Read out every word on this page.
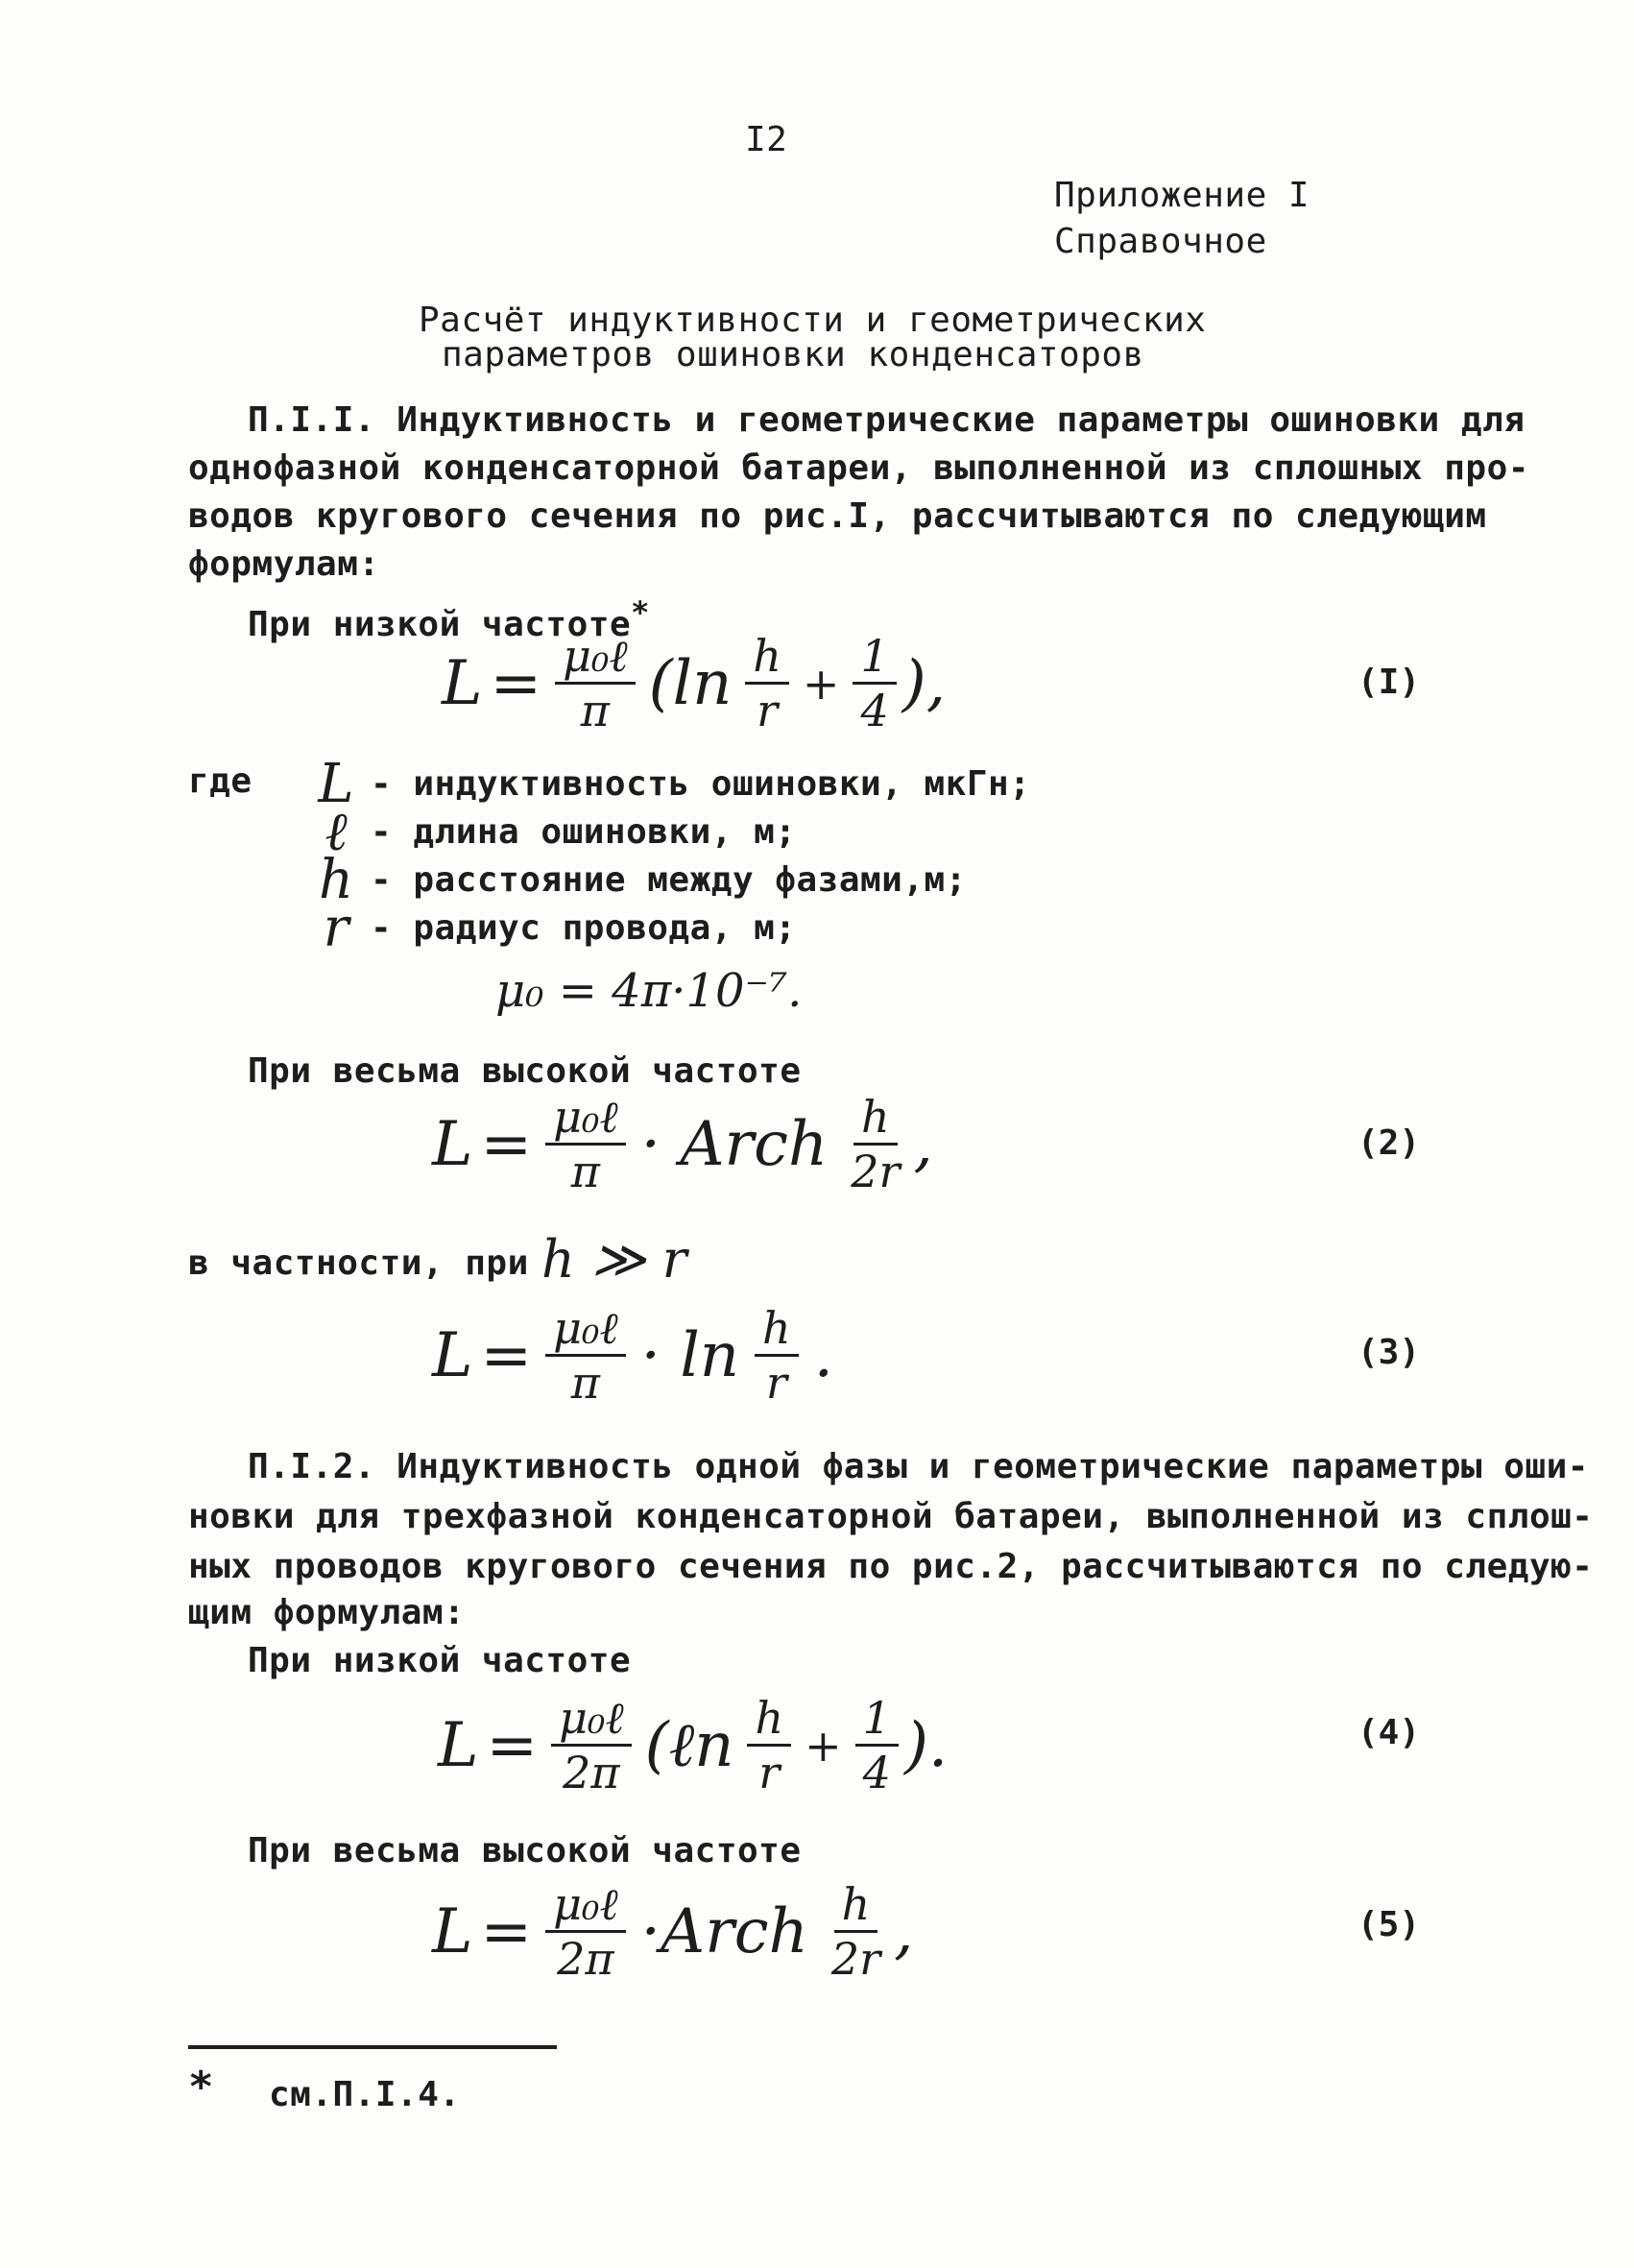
I2
Приложение I
Справочное
Расчёт индуктивности и геометрических
параметров ошиновки конденсаторов
П.I.I. Индуктивность и геометрические параметры ошиновки для
однофазной конденсаторной батареи, выполненной из сплошных про-
водов кругового сечения по рис.I, рассчитываются по следующим
формулам:
При низкой частоте*
$L = \frac{\text{μ₀ℓ}}{\pi} (\ln \frac{h}{r} + \frac{1}{4}$ ),	(I)
где L - индуктивность ошиновки, мкГн;
ℓ - длина ошиновки, м;
h - расстояние между фазами,м;
r - радиус провода, м;
μ₀ = 4π·10⁻⁷.
При весьма высокой частоте
$L = \frac{\text{μ₀ℓ}}{\pi}$ · Arch $\frac{h}{2r}$ ,	(2)
в частности, при h ≫ r
$L = \frac{\text{μ₀ℓ}}{\pi} \cdot \ln \frac{h}{r}$ .	(3)
П.I.2. Индуктивность одной фазы и геометрические параметры оши-
новки для трехфазной конденсаторной батареи, выполненной из сплош-
ных проводов кругового сечения по рис.2, рассчитываются по следую-
щим формулам:
При низкой частоте
$L = \frac{\text{μ₀ℓ}}{2\pi}$ (ℓn $\frac{h}{r} + \frac{1}{4}$ ).	(4)
При весьма высокой частоте
$L = \frac{\text{μ₀ℓ}}{2\pi}$ ·Arch $\frac{h}{2r}$ ,	(5)
* см.П.I.4.
